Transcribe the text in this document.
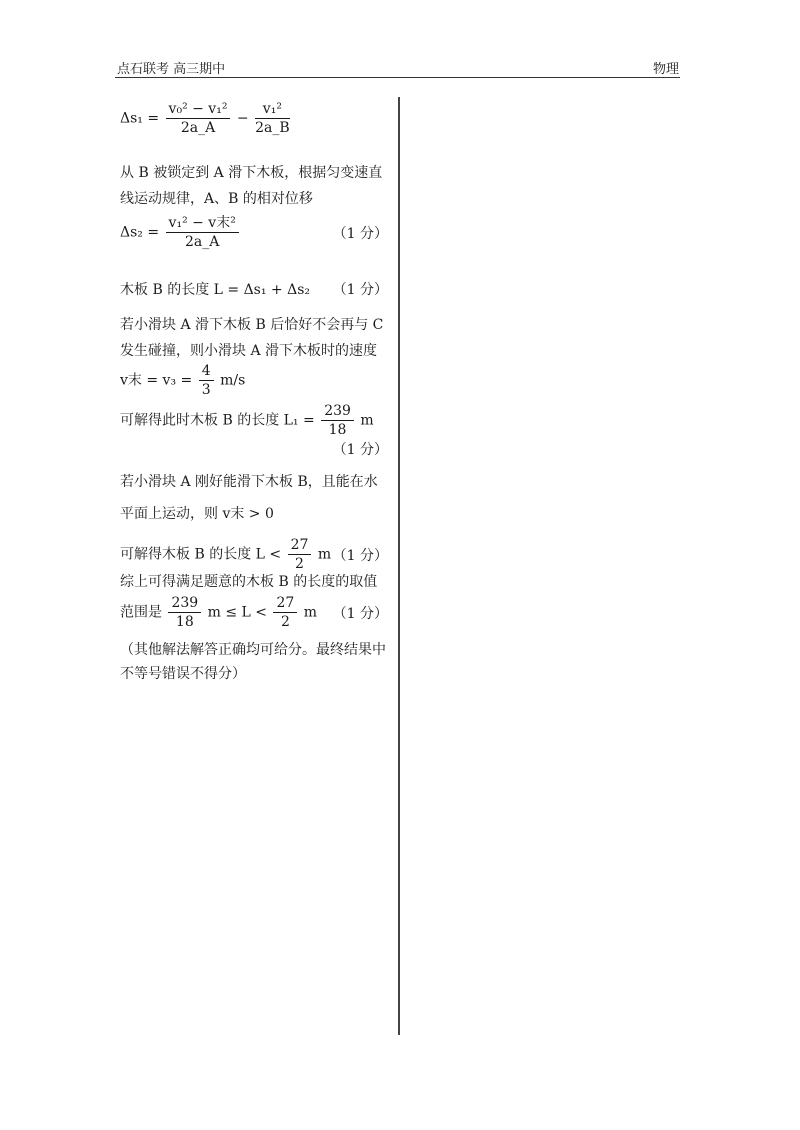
点石联考 高三期中	物理
$\Delta s_1 = \frac{\text{v₀² − v₁²}}{2a\_A} - \frac{\text{v₁²}}{2a\_B}$
从 B 被锁定到 A 滑下木板，根据匀变速直线运动规律，A、B 的相对位移
$\Delta s_2 = \frac{\text{v₁² − v末²}}{2a\_A}$	（1 分）
木板 B 的长度 L = Δs₁ + Δs₂ （1 分）
若小滑块 A 滑下木板 B 后恰好不会再与 C 发生碰撞，则小滑块 A 滑下木板时的速度
v末 = $v_3 = \frac{4}{3} m/s$
可解得此时木板 B 的长度 $L_1 = \frac{239}{18}$ m
（1 分）
若小滑块 A 刚好能滑下木板 B，且能在水平面上运动，则 v末 > 0
可解得木板 B 的长度 $L < \frac{27}{2}$ m （1 分）
综上可得满足题意的木板 B 的长度的取值
范围是 $\frac{239}{18}$ $m \le L < \frac{27}{2}$ m （1 分）
（其他解法解答正确均可给分。最终结果中不等号错误不得分）
